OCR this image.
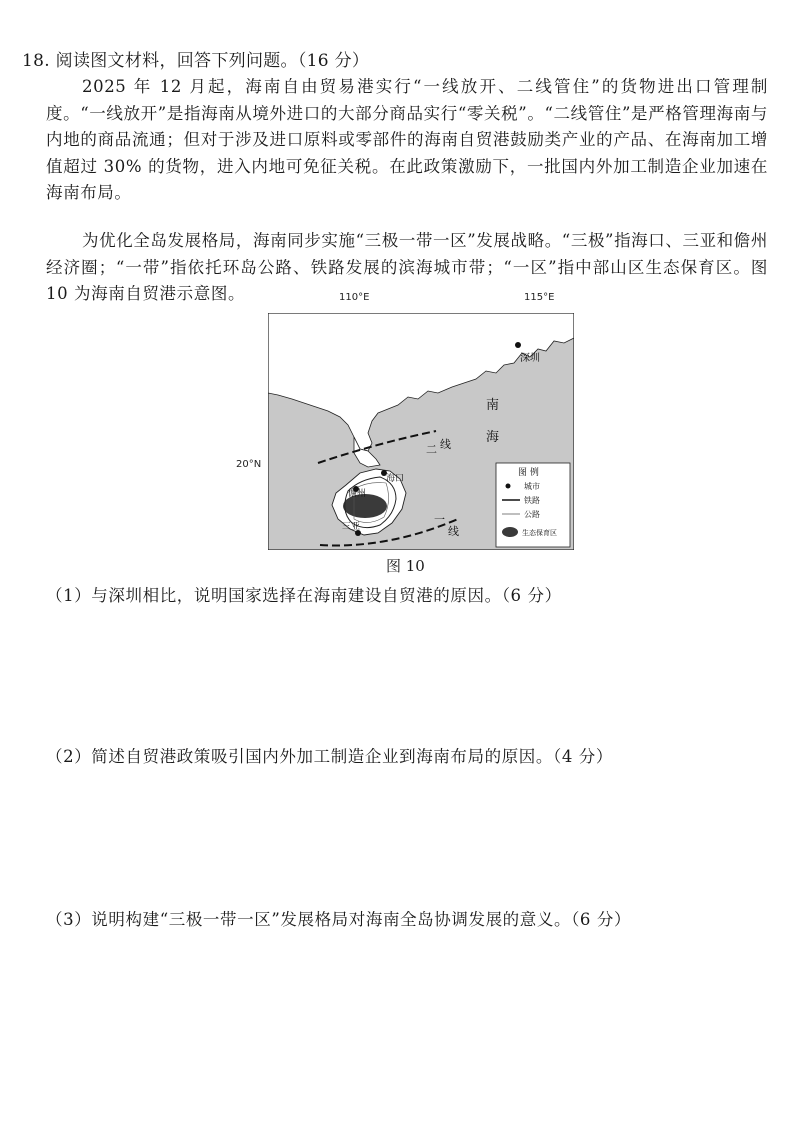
18. 阅读图文材料，回答下列问题。（16 分）
2025 年 12 月起，海南自由贸易港实行“一线放开、二线管住”的货物进出口管理制度。“一线放开”是指海南从境外进口的大部分商品实行“零关税”。“二线管住”是严格管理海南与内地的商品流通；但对于涉及进口原料或零部件的海南自贸港鼓励类产业的产品、在海南加工增值超过 30% 的货物，进入内地可免征关税。在此政策激励下，一批国内外加工制造企业加速在海南布局。
为优化全岛发展格局，海南同步实施“三极一带一区”发展战略。“三极”指海口、三亚和儋州经济圈；“一带”指依托环岛公路、铁路发展的滨海城市带；“一区”指中部山区生态保育区。图 10 为海南自贸港示意图。	110°E	115°E
20°N
深圳
海口
儋州
三亚
南
海
二 线
一
线
图 例
城市
铁路
公路
生态保育区
图 10
（1）与深圳相比，说明国家选择在海南建设自贸港的原因。（6 分）
（2）简述自贸港政策吸引国内外加工制造企业到海南布局的原因。（4 分）
（3）说明构建“三极一带一区”发展格局对海南全岛协调发展的意义。（6 分）
